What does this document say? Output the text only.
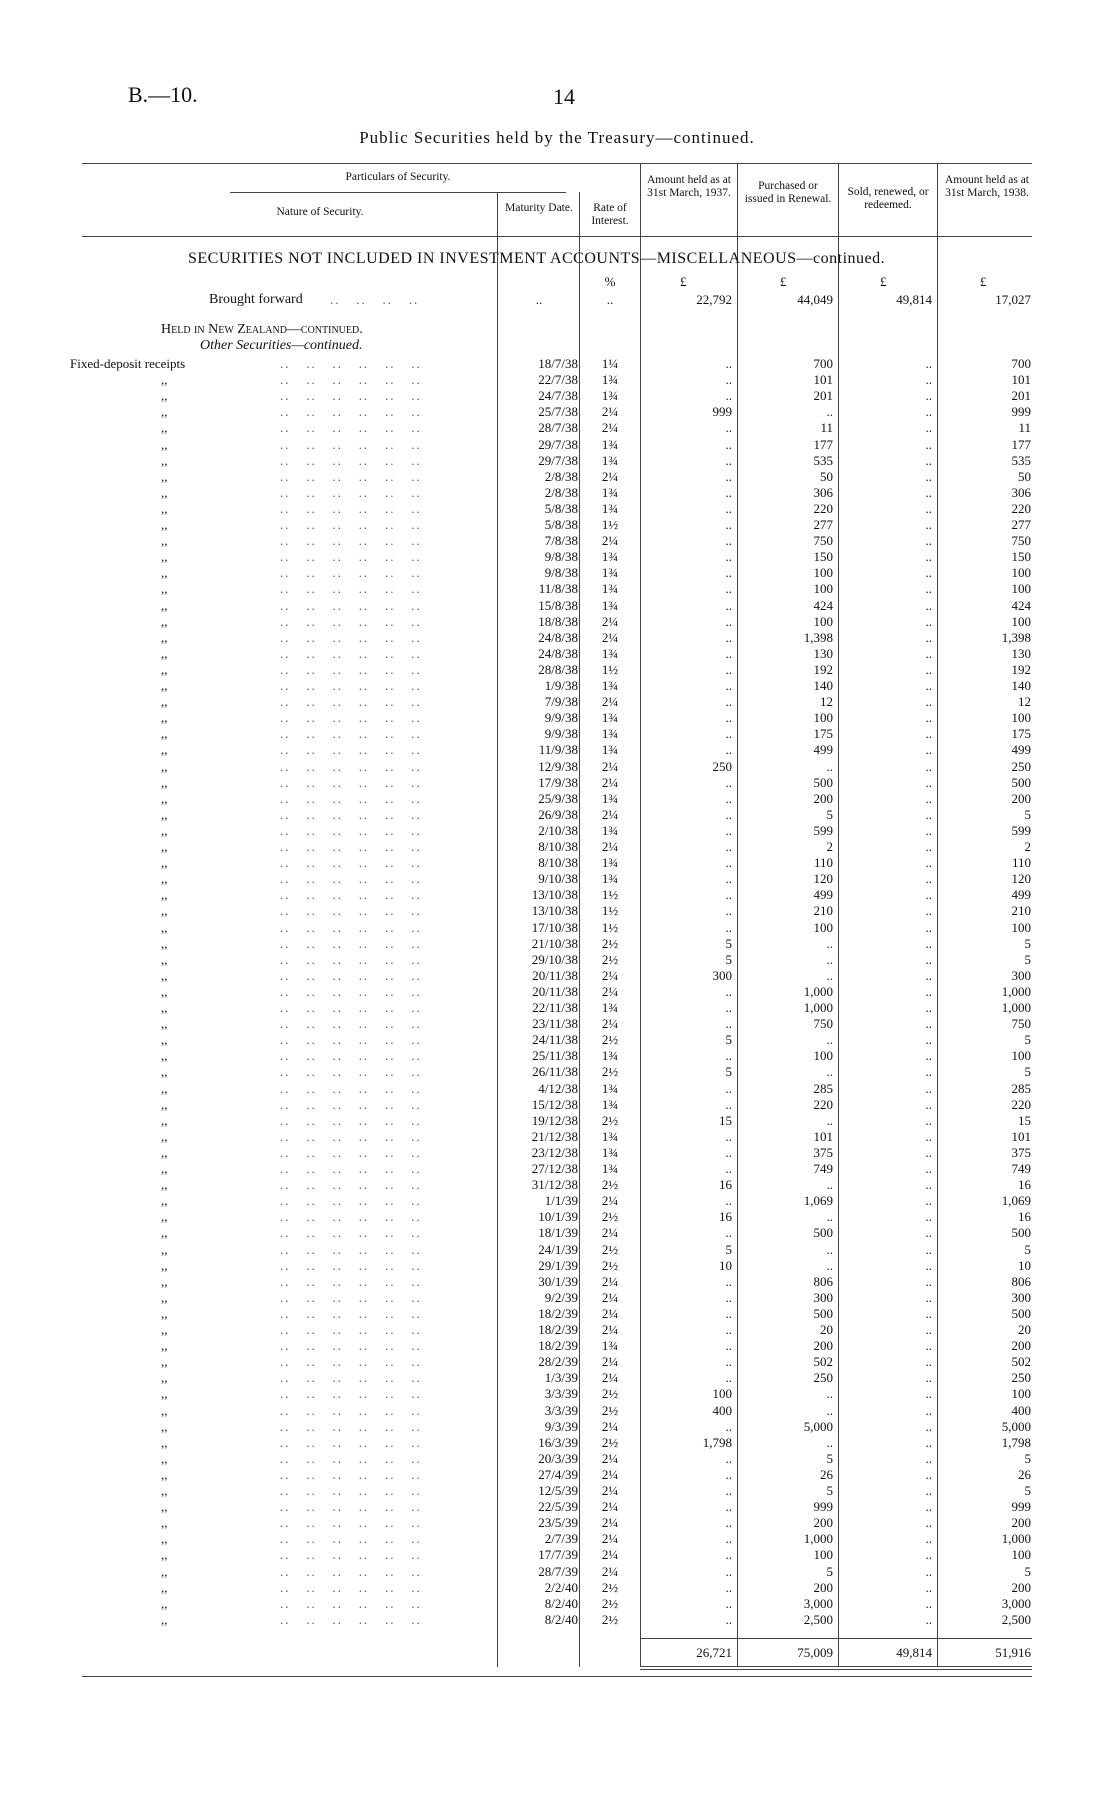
B.—10.	14
Public Securities held by the Treasury—continued.
Particulars of Security.
Nature of Security.	Maturity Date.	Rate of Interest.
Amount held as at 31st March, 1937.
Purchased or issued in Renewal.
Sold, renewed, or redeemed.
Amount held as at 31st March, 1938.
SECURITIES NOT INCLUDED IN INVESTMENT ACCOUNTS—MISCELLANEOUS—continued.
%	£	£	£	£
Brought forward ..   ..   ..   ..	..	..	22,792	44,049	49,814	17,027
Held in New Zealand—continued.
Other Securities—continued.
Fixed-deposit receipts	..   ..   ..   ..   ..   ..	18/7/38	1¼	..	700	..	700
,,	..   ..   ..   ..   ..   ..	22/7/38	1¾	..	101	..	101
,,	..   ..   ..   ..   ..   ..	24/7/38	1¾	..	201	..	201
,,	..   ..   ..   ..   ..   ..	25/7/38	2¼	999	..	..	999
,,	..   ..   ..   ..   ..   ..	28/7/38	2¼	..	11	..	11
,,	..   ..   ..   ..   ..   ..	29/7/38	1¾	..	177	..	177
,,	..   ..   ..   ..   ..   ..	29/7/38	1¾	..	535	..	535
,,	..   ..   ..   ..   ..   ..	2/8/38	2¼	..	50	..	50
,,	..   ..   ..   ..   ..   ..	2/8/38	1¾	..	306	..	306
,,	..   ..   ..   ..   ..   ..	5/8/38	1¾	..	220	..	220
,,	..   ..   ..   ..   ..   ..	5/8/38	1½	..	277	..	277
,,	..   ..   ..   ..   ..   ..	7/8/38	2¼	..	750	..	750
,,	..   ..   ..   ..   ..   ..	9/8/38	1¾	..	150	..	150
,,	..   ..   ..   ..   ..   ..	9/8/38	1¾	..	100	..	100
,,	..   ..   ..   ..   ..   ..	11/8/38	1¾	..	100	..	100
,,	..   ..   ..   ..   ..   ..	15/8/38	1¾	..	424	..	424
,,	..   ..   ..   ..   ..   ..	18/8/38	2¼	..	100	..	100
,,	..   ..   ..   ..   ..   ..	24/8/38	2¼	..	1,398	..	1,398
,,	..   ..   ..   ..   ..   ..	24/8/38	1¾	..	130	..	130
,,	..   ..   ..   ..   ..   ..	28/8/38	1½	..	192	..	192
,,	..   ..   ..   ..   ..   ..	1/9/38	1¾	..	140	..	140
,,	..   ..   ..   ..   ..   ..	7/9/38	2¼	..	12	..	12
,,	..   ..   ..   ..   ..   ..	9/9/38	1¾	..	100	..	100
,,	..   ..   ..   ..   ..   ..	9/9/38	1¾	..	175	..	175
,,	..   ..   ..   ..   ..   ..	11/9/38	1¾	..	499	..	499
,,	..   ..   ..   ..   ..   ..	12/9/38	2¼	250	..	..	250
,,	..   ..   ..   ..   ..   ..	17/9/38	2¼	..	500	..	500
,,	..   ..   ..   ..   ..   ..	25/9/38	1¾	..	200	..	200
,,	..   ..   ..   ..   ..   ..	26/9/38	2¼	..	5	..	5
,,	..   ..   ..   ..   ..   ..	2/10/38	1¾	..	599	..	599
,,	..   ..   ..   ..   ..   ..	8/10/38	2¼	..	2	..	2
,,	..   ..   ..   ..   ..   ..	8/10/38	1¾	..	110	..	110
,,	..   ..   ..   ..   ..   ..	9/10/38	1¾	..	120	..	120
,,	..   ..   ..   ..   ..   ..	13/10/38	1½	..	499	..	499
,,	..   ..   ..   ..   ..   ..	13/10/38	1½	..	210	..	210
,,	..   ..   ..   ..   ..   ..	17/10/38	1½	..	100	..	100
,,	..   ..   ..   ..   ..   ..	21/10/38	2½	5	..	..	5
,,	..   ..   ..   ..   ..   ..	29/10/38	2½	5	..	..	5
,,	..   ..   ..   ..   ..   ..	20/11/38	2¼	300	..	..	300
,,	..   ..   ..   ..   ..   ..	20/11/38	2¼	..	1,000	..	1,000
,,	..   ..   ..   ..   ..   ..	22/11/38	1¾	..	1,000	..	1,000
,,	..   ..   ..   ..   ..   ..	23/11/38	2¼	..	750	..	750
,,	..   ..   ..   ..   ..   ..	24/11/38	2½	5	..	..	5
,,	..   ..   ..   ..   ..   ..	25/11/38	1¾	..	100	..	100
,,	..   ..   ..   ..   ..   ..	26/11/38	2½	5	..	..	5
,,	..   ..   ..   ..   ..   ..	4/12/38	1¾	..	285	..	285
,,	..   ..   ..   ..   ..   ..	15/12/38	1¾	..	220	..	220
,,	..   ..   ..   ..   ..   ..	19/12/38	2½	15	..	..	15
,,	..   ..   ..   ..   ..   ..	21/12/38	1¾	..	101	..	101
,,	..   ..   ..   ..   ..   ..	23/12/38	1¾	..	375	..	375
,,	..   ..   ..   ..   ..   ..	27/12/38	1¾	..	749	..	749
,,	..   ..   ..   ..   ..   ..	31/12/38	2½	16	..	..	16
,,	..   ..   ..   ..   ..   ..	1/1/39	2¼	..	1,069	..	1,069
,,	..   ..   ..   ..   ..   ..	10/1/39	2½	16	..	..	16
,,	..   ..   ..   ..   ..   ..	18/1/39	2¼	..	500	..	500
,,	..   ..   ..   ..   ..   ..	24/1/39	2½	5	..	..	5
,,	..   ..   ..   ..   ..   ..	29/1/39	2½	10	..	..	10
,,	..   ..   ..   ..   ..   ..	30/1/39	2¼	..	806	..	806
,,	..   ..   ..   ..   ..   ..	9/2/39	2¼	..	300	..	300
,,	..   ..   ..   ..   ..   ..	18/2/39	2¼	..	500	..	500
,,	..   ..   ..   ..   ..   ..	18/2/39	2¼	..	20	..	20
,,	..   ..   ..   ..   ..   ..	18/2/39	1¾	..	200	..	200
,,	..   ..   ..   ..   ..   ..	28/2/39	2¼	..	502	..	502
,,	..   ..   ..   ..   ..   ..	1/3/39	2¼	..	250	..	250
,,	..   ..   ..   ..   ..   ..	3/3/39	2½	100	..	..	100
,,	..   ..   ..   ..   ..   ..	3/3/39	2½	400	..	..	400
,,	..   ..   ..   ..   ..   ..	9/3/39	2¼	..	5,000	..	5,000
,,	..   ..   ..   ..   ..   ..	16/3/39	2½	1,798	..	..	1,798
,,	..   ..   ..   ..   ..   ..	20/3/39	2¼	..	5	..	5
,,	..   ..   ..   ..   ..   ..	27/4/39	2¼	..	26	..	26
,,	..   ..   ..   ..   ..   ..	12/5/39	2¼	..	5	..	5
,,	..   ..   ..   ..   ..   ..	22/5/39	2¼	..	999	..	999
,,	..   ..   ..   ..   ..   ..	23/5/39	2¼	..	200	..	200
,,	..   ..   ..   ..   ..   ..	2/7/39	2¼	..	1,000	..	1,000
,,	..   ..   ..   ..   ..   ..	17/7/39	2¼	..	100	..	100
,,	..   ..   ..   ..   ..   ..	28/7/39	2¼	..	5	..	5
,,	..   ..   ..   ..   ..   ..	2/2/40	2½	..	200	..	200
,,	..   ..   ..   ..   ..   ..	8/2/40	2½	..	3,000	..	3,000
,,	..   ..   ..   ..   ..   ..	8/2/40	2½	..	2,500	..	2,500
26,721	75,009	49,814	51,916
